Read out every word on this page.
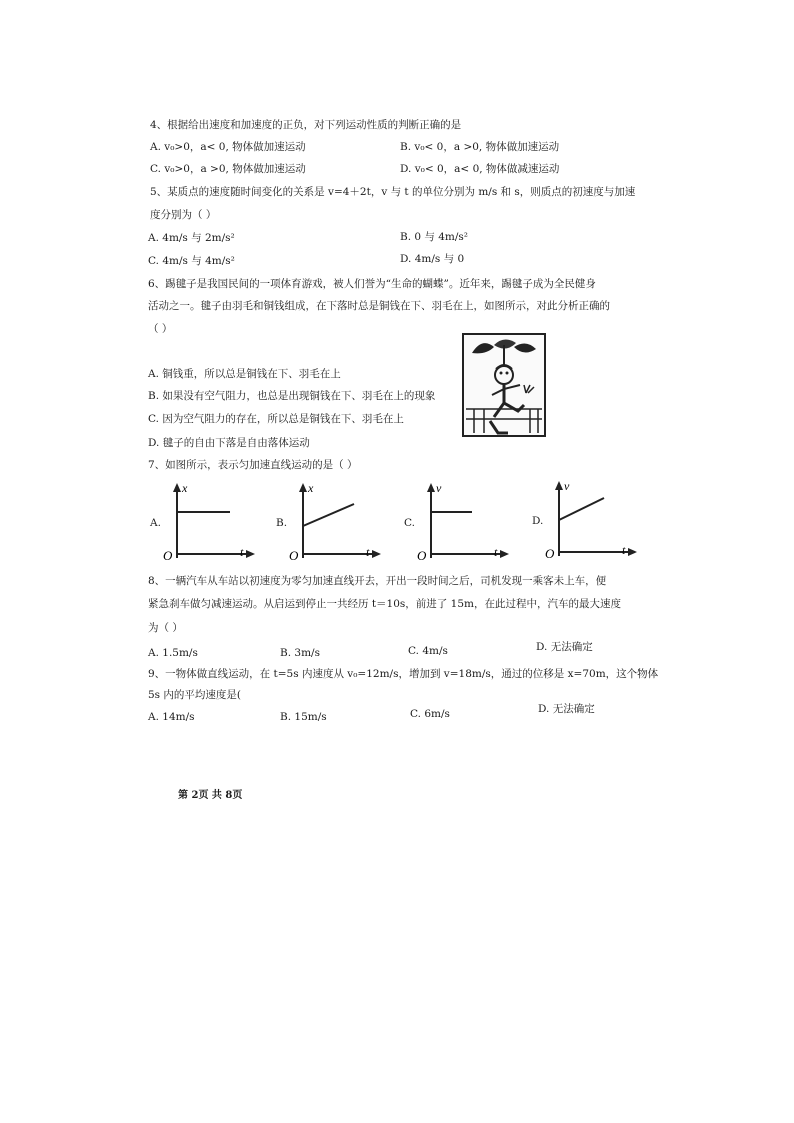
4、根据给出速度和加速度的正负，对下列运动性质的判断正确的是
A. v₀>0，a< 0, 物体做加速运动	B. v₀< 0，a >0, 物体做加速运动
C. v₀>0，a >0, 物体做加速运动	D. v₀< 0，a< 0, 物体做减速运动
5、某质点的速度随时间变化的关系是 v=4＋2t，v 与 t 的单位分别为 m/s 和 s，则质点的初速度与加速
度分别为（ ）
A. 4m/s 与 2m/s²	B. 0 与 4m/s²
C. 4m/s 与 4m/s²	D. 4m/s 与 0
6、踢毽子是我国民间的一项体育游戏，被人们誉为“生命的蝴蝶”。近年来，踢毽子成为全民健身
活动之一。毽子由羽毛和铜钱组成，在下落时总是铜钱在下、羽毛在上，如图所示，对此分析正确的
（ ）
A. 铜钱重，所以总是铜钱在下、羽毛在上
B. 如果没有空气阻力，也总是出现铜钱在下、羽毛在上的现象
C. 因为空气阻力的存在，所以总是铜钱在下、羽毛在上
D. 毽子的自由下落是自由落体运动
7、如图所示，表示匀加速直线运动的是（ ）
A.
x
t
O
B.
x
t
O
C.
v
t
O
D.
v
t
O
8、一辆汽车从车站以初速度为零匀加速直线开去，开出一段时间之后，司机发现一乘客未上车，便
紧急刹车做匀减速运动。从启运到停止一共经历 t＝10s，前进了 15m，在此过程中，汽车的最大速度
为（ ）
A. 1.5m/s	B. 3m/s	C. 4m/s	D. 无法确定
9、一物体做直线运动，在 t=5s 内速度从 v₀=12m/s，增加到 v=18m/s，通过的位移是 x=70m，这个物体
5s 内的平均速度是(
A. 14m/s	B. 15m/s	C. 6m/s	D. 无法确定
第 2页 共 8页
